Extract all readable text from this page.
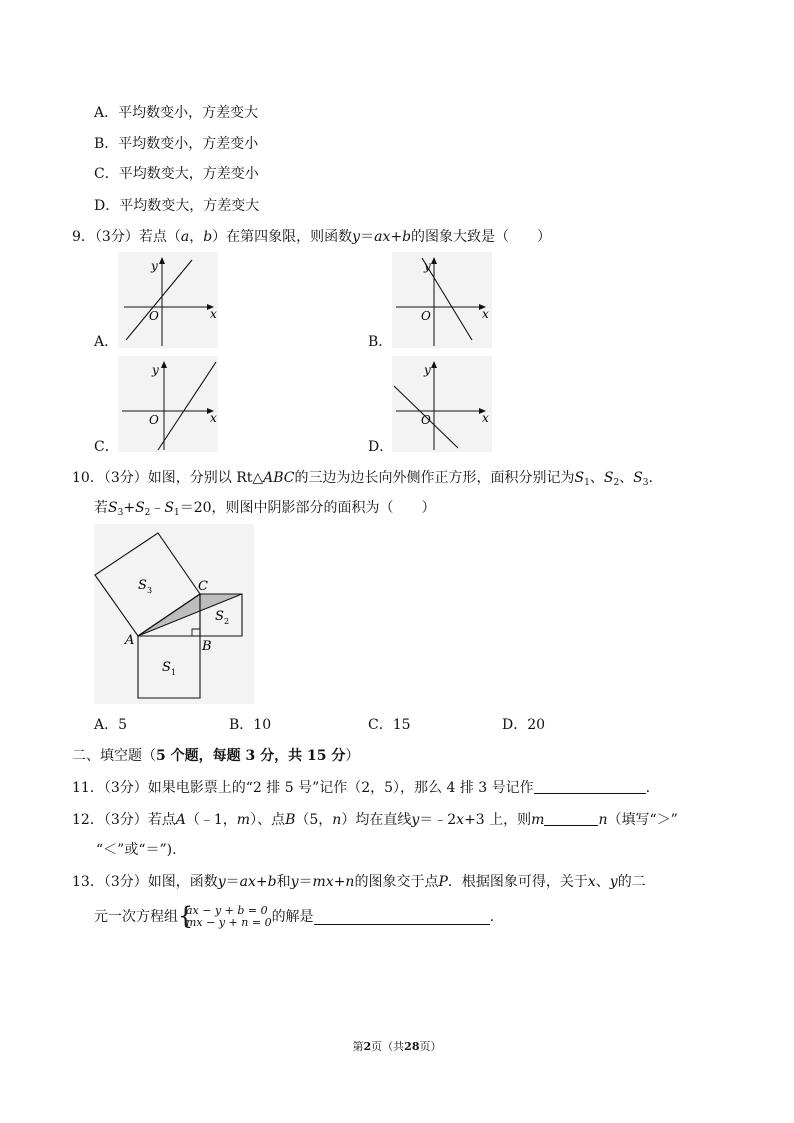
A．平均数变小，方差变大
B．平均数变小，方差变小
C．平均数变大，方差变小
D．平均数变大，方差变大
9．（3分）若点（a，b）在第四象限，则函数y＝ax+b的图象大致是（　　）
y
x
O
A．
y
x
O
B．
y
x
O
C．
y
x
O
D．
10．（3分）如图，分别以 Rt△ABC的三边为边长向外侧作正方形，面积分别记为$S_1$、$S_2$、$S_3$.
若$S_3+S_2﹣S_1=20$，则图中阴影部分的面积为（　　）
S 3
S 2
S 1
C
A	B
A．5	B．10	C．15	D．20
二、填空题（5 个题，每题 3 分，共 15 分）
11．（3分）如果电影票上的“2 排 5 号”记作（2，5），那么 4 排 3 号记作	.
12．（3分）若点A（﹣1，m）、点B（5，n）均在直线y＝﹣2x+3 上，则m	n（填写“＞”
“＜”或“＝”).
13．（3分）如图，函数y＝ax+b和y＝mx+n的图象交于点P．根据图象可得，关于x、y的二
元一次方程组 {
ax − y + b = 0
mx − y + n = 0 的解是	.
第2页（共28页）
